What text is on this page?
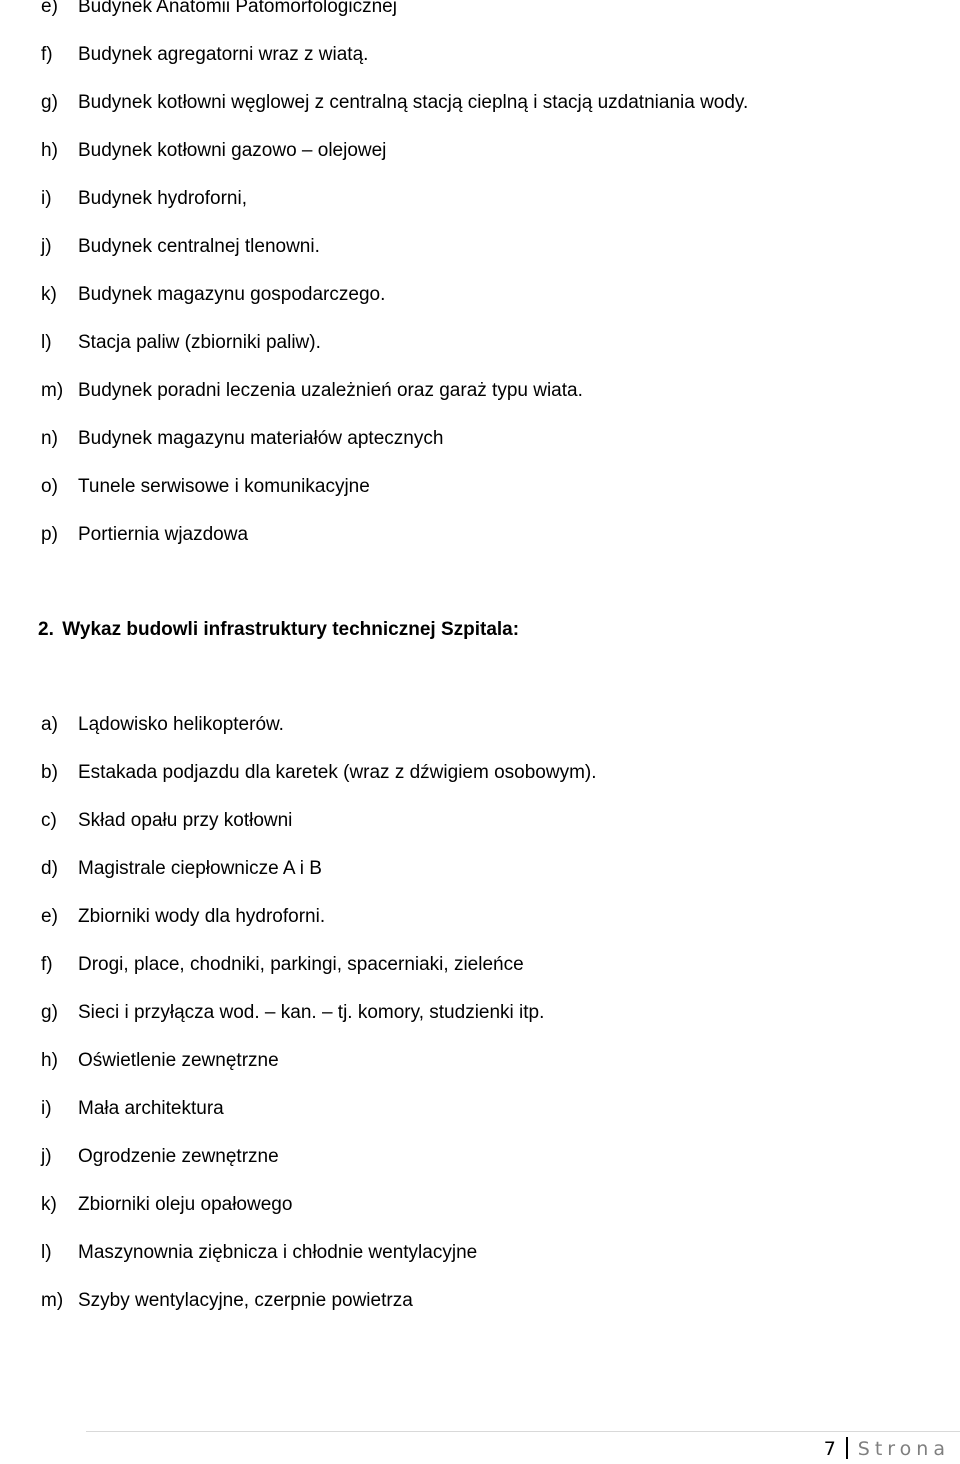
e)	Budynek Anatomii Patomorfologicznej
f)	Budynek agregatorni wraz z wiatą.
g)	Budynek kotłowni węglowej z centralną stacją cieplną i stacją uzdatniania wody.
h)	Budynek kotłowni gazowo – olejowej
i)	Budynek hydroforni,
j)	Budynek centralnej tlenowni.
k)	Budynek magazynu gospodarczego.
l)	Stacja paliw (zbiorniki paliw).
m) Budynek poradni leczenia uzależnień oraz garaż typu wiata.
n)	Budynek magazynu materiałów aptecznych
o)	Tunele serwisowe i komunikacyjne
p)	Portiernia wjazdowa
2. Wykaz budowli infrastruktury technicznej Szpitala:
a)	Lądowisko helikopterów.
b)	Estakada podjazdu dla karetek (wraz z dźwigiem osobowym).
c)	Skład opału przy kotłowni
d)	Magistrale ciepłownicze A i B
e)	Zbiorniki wody dla hydroforni.
f)	Drogi, place, chodniki, parkingi, spacerniaki, zieleńce
g)	Sieci i przyłącza wod. – kan. – tj. komory, studzienki itp.
h)	Oświetlenie zewnętrzne
i)	Mała architektura
j)	Ogrodzenie zewnętrzne
k)	Zbiorniki oleju opałowego
l)	Maszynownia ziębnicza i chłodnie wentylacyjne
m) Szyby wentylacyjne, czerpnie powietrza
7 Strona
